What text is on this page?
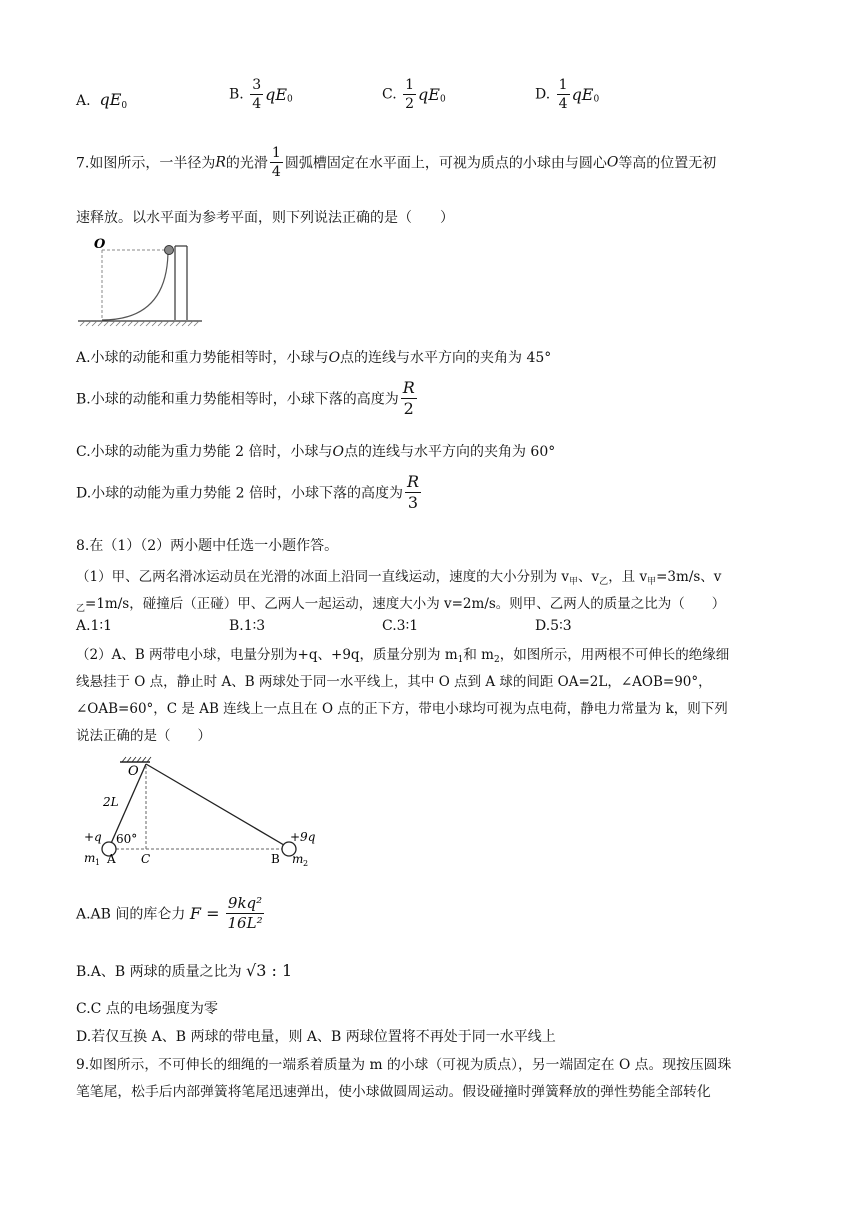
A. $qE_0$
B. $\frac{3}{4} qE_0$	C. $\frac{1}{2} qE_0$	D. $\frac{1}{4} qE_0$
7.如图所示，一半径为R的光滑 $\frac{1}{4}$ 圆弧槽固定在水平面上，可视为质点的小球由与圆心O等高的位置无初
速释放。以水平面为参考平面，则下列说法正确的是（　　）
O
A.小球的动能和重力势能相等时，小球与O点的连线与水平方向的夹角为 45°
B.小球的动能和重力势能相等时，小球下落的高度为 $\frac{R}{2}$
C.小球的动能为重力势能 2 倍时，小球与O点的连线与水平方向的夹角为 60°
D.小球的动能为重力势能 2 倍时，小球下落的高度为 $\frac{R}{3}$
8.在（1）（2）两小题中任选一小题作答。
（1）甲、乙两名滑冰运动员在光滑的冰面上沿同一直线运动，速度的大小分别为 $v_甲$、$v_乙$，且 $v_甲=3m/s$、v
$_乙$=1m/s，碰撞后（正碰）甲、乙两人一起运动，速度大小为 v=2m/s。则甲、乙两人的质量之比为（　　）
A.1∶1	B.1∶3	C.3∶1	D.5∶3
（2）A、B 两带电小球，电量分别为+q、+9q，质量分别为 $m_1$和 $m_2$，如图所示，用两根不可伸长的绝缘细
线悬挂于 O 点，静止时 A、B 两球处于同一水平线上，其中 O 点到 A 球的间距 OA=2L，∠AOB=90°，
∠OAB=60°，C 是 AB 连线上一点且在 O 点的正下方，带电小球均可视为点电荷，静电力常量为 k，则下列
说法正确的是（　　）
O
2L
+q 60°
m 1 A C	B
+9q
m 2
A.AB 间的库仑力 $F = \frac{\text{9kq²}}{\text{16L²}}$
B.A、B 两球的质量之比为 √3 : 1
C.C 点的电场强度为零
D.若仅互换 A、B 两球的带电量，则 A、B 两球位置将不再处于同一水平线上
9.如图所示，不可伸长的细绳的一端系着质量为 m 的小球（可视为质点），另一端固定在 O 点。现按压圆珠
笔笔尾，松手后内部弹簧将笔尾迅速弹出，使小球做圆周运动。假设碰撞时弹簧释放的弹性势能全部转化
